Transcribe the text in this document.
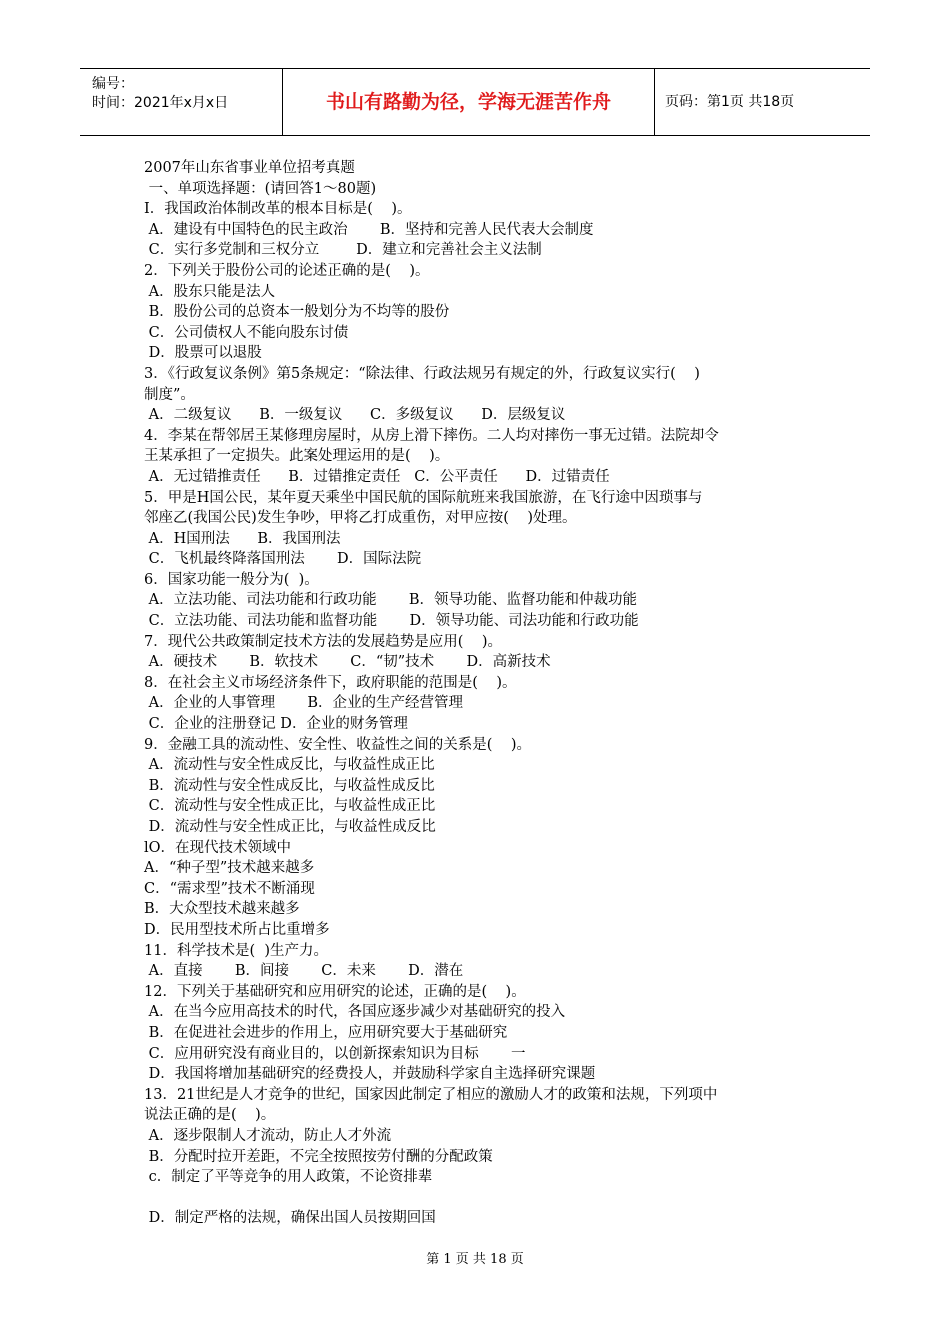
编号：
时间：2021年x月x日	书山有路勤为径，学海无涯苦作舟	页码：第1页 共18页
2007年山东省事业单位招考真题
一、单项选择题：(请回答1～80题)
I．我国政治体制改革的根本目标是(    )。
A．建设有中国特色的民主政治       B．坚持和完善人民代表大会制度
C．实行多党制和三权分立        D．建立和完善社会主义法制
2．下列关于股份公司的论述正确的是(    )。
A．股东只能是法人
B．股份公司的总资本一般划分为不均等的股份
C．公司债权人不能向股东讨债
D．股票可以退股
3．《行政复议条例》第5条规定：“除法律、行政法规另有规定的外，行政复议实行(    )
制度”。
A．二级复议      B．一级复议      C．多级复议      D．层级复议
4．李某在帮邻居王某修理房屋时，从房上滑下摔伤。二人均对摔伤一事无过错。法院却令
王某承担了一定损失。此案处理运用的是(    )。
A．无过错推责任      B．过错推定责任   C．公平责任      D．过错责任
5．甲是H国公民，某年夏天乘坐中国民航的国际航班来我国旅游，在飞行途中因琐事与
邻座乙(我国公民)发生争吵，甲将乙打成重伤，对甲应按(    )处理。
A．H国刑法      B．我国刑法
C．飞机最终降落国刑法       D．国际法院
6．国家功能一般分为(  )。
A．立法功能、司法功能和行政功能       B．领导功能、监督功能和仲裁功能
C．立法功能、司法功能和监督功能       D．领导功能、司法功能和行政功能
7．现代公共政策制定技术方法的发展趋势是应用(    )。
A．硬技术       B．软技术       C．“韧”技术       D．高新技术
8．在社会主义市场经济条件下，政府职能的范围是(    )。
A．企业的人事管理       B．企业的生产经营管理
C．企业的注册登记 D．企业的财务管理
9．金融工具的流动性、安全性、收益性之间的关系是(    )。
A．流动性与安全性成反比，与收益性成正比
B．流动性与安全性成反比，与收益性成反比
C．流动性与安全性成正比，与收益性成正比
D．流动性与安全性成正比，与收益性成反比
lO．在现代技术领域中
A．“种子型”技术越来越多
C．“需求型”技术不断涌现
B．大众型技术越来越多
D．民用型技术所占比重增多
11．科学技术是(  )生产力。
A．直接       B．间接       C．未来       D．潜在
12．下列关于基础研究和应用研究的论述，正确的是(    )。
A．在当今应用高技术的时代，各国应逐步减少对基础研究的投入
B．在促进社会进步的作用上，应用研究要大于基础研究
C．应用研究没有商业目的，以创新探索知识为目标       一
D．我国将增加基础研究的经费投人，并鼓励科学家自主选择研究课题
13．21世纪是人才竞争的世纪，国家因此制定了相应的激励人才的政策和法规，下列项中
说法正确的是(    )。
A．逐步限制人才流动，防止人才外流
B．分配时拉开差距，不完全按照按劳付酬的分配政策
c．制定了平等竞争的用人政策，不论资排辈

D．制定严格的法规，确保出国人员按期回国
第 1 页 共 18 页
